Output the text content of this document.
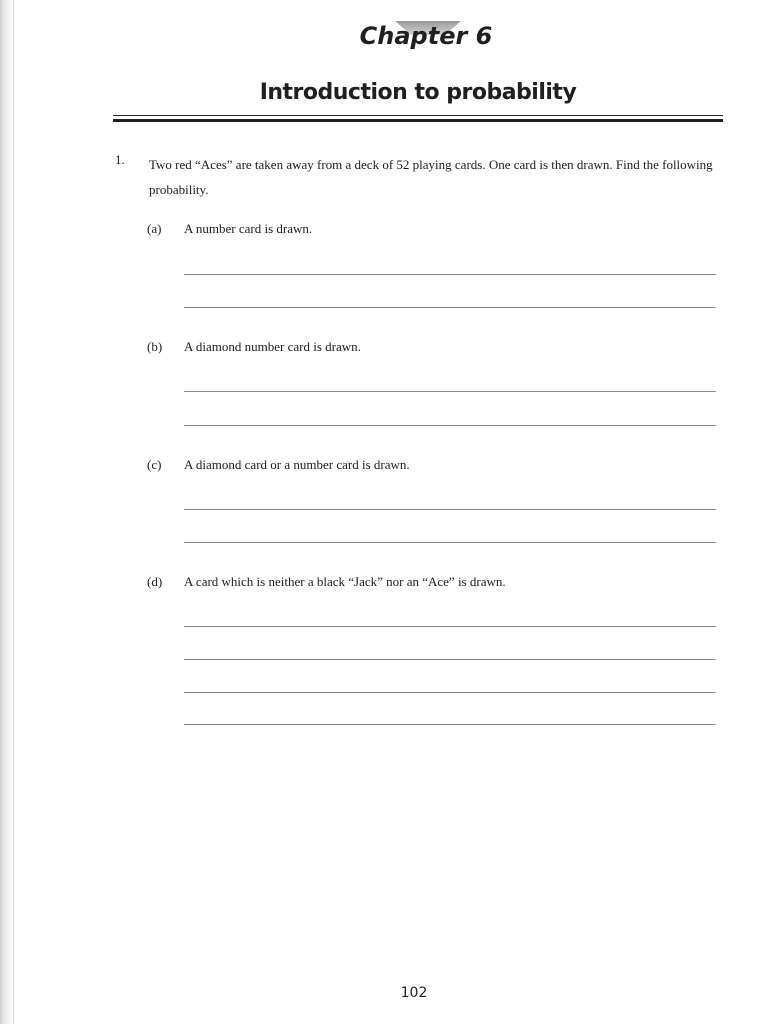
Chapter 6
Introduction to probability
1. Two red “Aces” are taken away from a deck of 52 playing cards. One card is then drawn. Find the following probability.
(a) A number card is drawn.
(b) A diamond number card is drawn.
(c) A diamond card or a number card is drawn.
(d) A card which is neither a black “Jack” nor an “Ace” is drawn.
102
